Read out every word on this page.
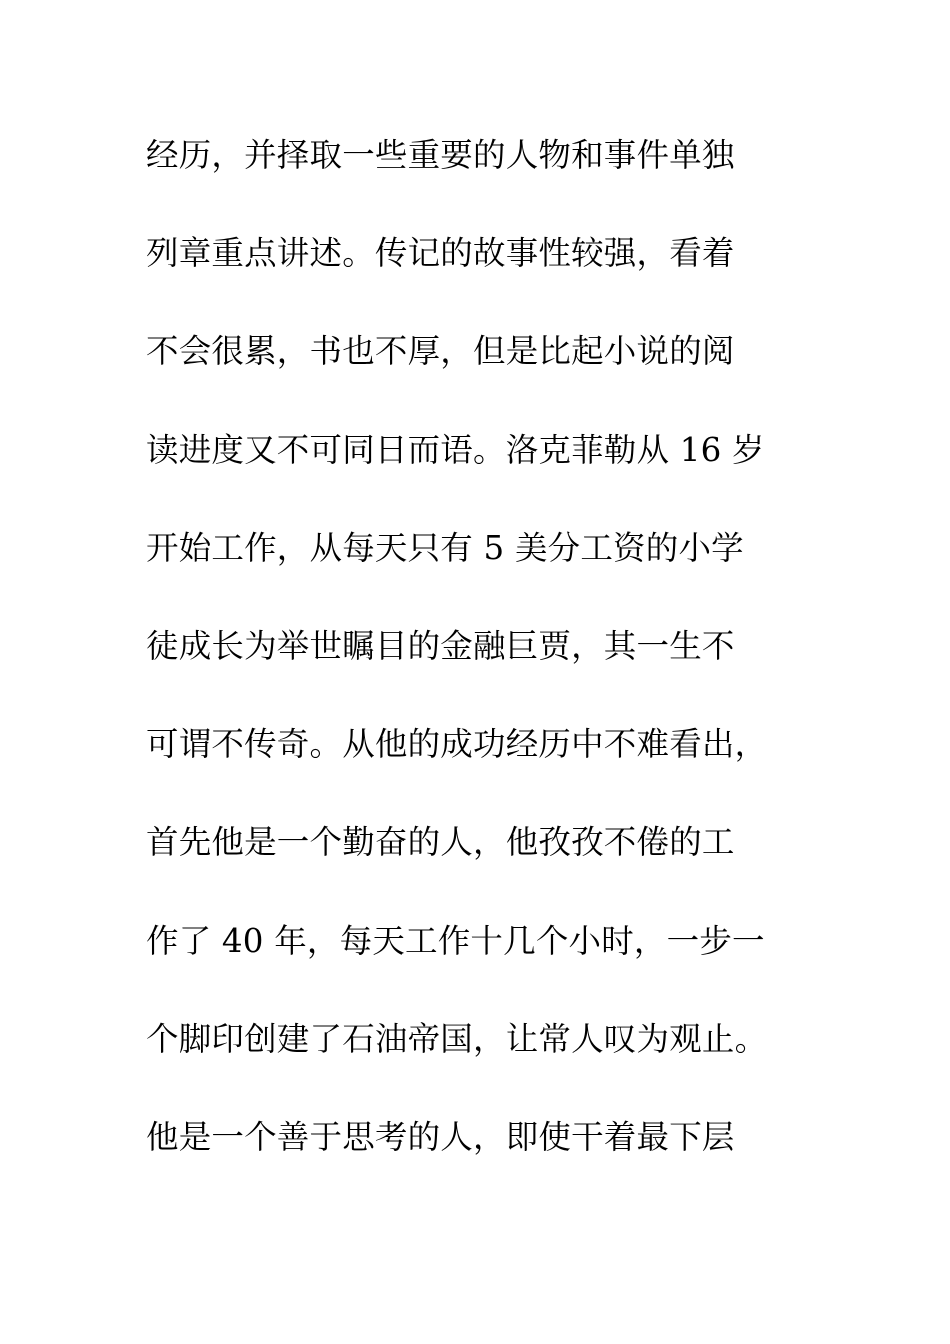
经历，并择取一些重要的人物和事件单独
列章重点讲述。传记的故事性较强，看着
不会很累，书也不厚，但是比起小说的阅
读进度又不可同日而语。洛克菲勒从 16 岁
开始工作，从每天只有 5 美分工资的小学
徒成长为举世瞩目的金融巨贾，其一生不
可谓不传奇。从他的成功经历中不难看出，
首先他是一个勤奋的人，他孜孜不倦的工
作了 40 年，每天工作十几个小时，一步一
个脚印创建了石油帝国，让常人叹为观止。
他是一个善于思考的人，即使干着最下层
